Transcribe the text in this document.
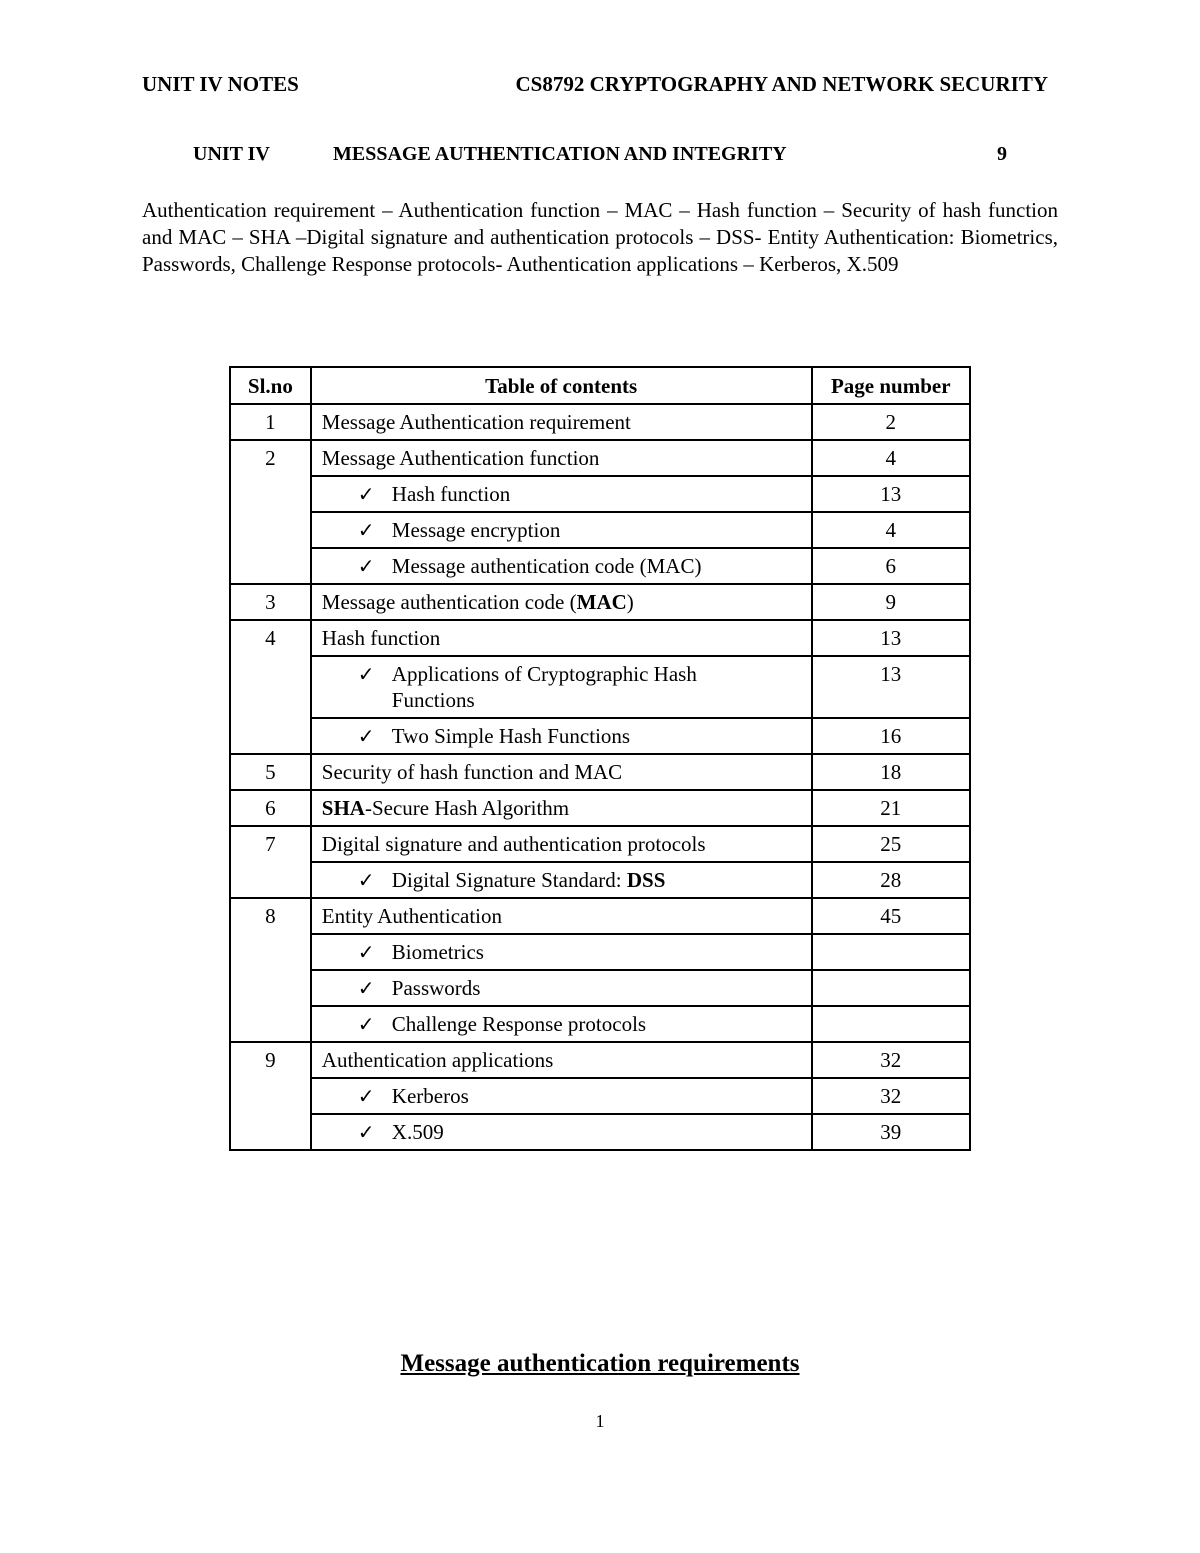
UNIT IV NOTES	CS8792 CRYPTOGRAPHY AND NETWORK SECURITY
UNIT IV	MESSAGE AUTHENTICATION AND INTEGRITY	9
Authentication requirement – Authentication function – MAC – Hash function – Security of hash function and MAC – SHA –Digital signature and authentication protocols – DSS- Entity Authentication: Biometrics, Passwords, Challenge Response protocols- Authentication applications – Kerberos, X.509
Sl.no	Table of contents	Page number
1	Message Authentication requirement	2
2	Message Authentication function	4

	✓ Hash function	13

	✓ Message encryption	4

	✓ Message authentication code (MAC)	6
3	Message authentication code (MAC)	9
4	Hash function	13

	✓ Applications of Cryptographic Hash Functions	13

	✓ Two Simple Hash Functions	16
5	Security of hash function and MAC	18
6	SHA-Secure Hash Algorithm	21
7	Digital signature and authentication protocols	25

	✓ Digital Signature Standard: DSS	28
8	Entity Authentication	45

	✓ Biometrics	

	✓ Passwords	

	✓ Challenge Response protocols	

9	Authentication applications	32

	✓ Kerberos	32

	✓ X.509	39
Message authentication requirements
1
